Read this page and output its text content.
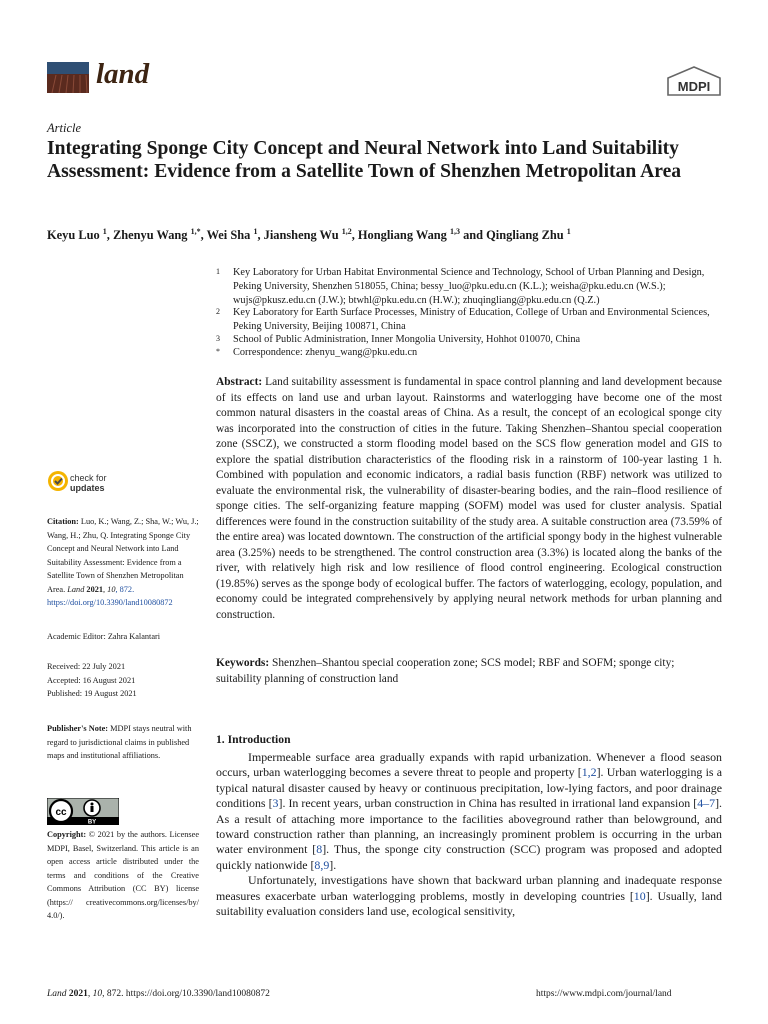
land	MDPI
Article
Integrating Sponge City Concept and Neural Network into Land Suitability Assessment: Evidence from a Satellite Town of Shenzhen Metropolitan Area
Keyu Luo $^1$, Zhenyu Wang $^{1,*}$, Wei Sha $^1$, Jiansheng Wu $^{1,2}$, Hongliang Wang $^{1,3}$ and Qingliang Zhu $^1$
1 Key Laboratory for Urban Habitat Environmental Science and Technology, School of Urban Planning and Design, Peking University, Shenzhen 518055, China; bessy_luo@pku.edu.cn (K.L.); weisha@pku.edu.cn (W.S.); wujs@pkusz.edu.cn (J.W.); btwhl@pku.edu.cn (H.W.); zhuqingliang@pku.edu.cn (Q.Z.)
2 Key Laboratory for Earth Surface Processes, Ministry of Education, College of Urban and Environmental Sciences, Peking University, Beijing 100871, China
3 School of Public Administration, Inner Mongolia University, Hohhot 010070, China
* Correspondence: zhenyu_wang@pku.edu.cn
Abstract: Land suitability assessment is fundamental in space control planning and land development because of its effects on land use and urban layout. Rainstorms and waterlogging have become one of the most common natural disasters in the coastal areas of China. As a result, the concept of an ecological sponge city was incorporated into the construction of cities in the future. Taking Shenzhen–Shantou special cooperation zone (SSCZ), we constructed a storm flooding model based on the SCS flow generation model and GIS to explore the spatial distribution characteristics of the flooding risk in a rainstorm of 100-year lasting 1 h. Combined with population and economic indicators, a radial basis function (RBF) network was utilized to evaluate the environmental risk, the vulnerability of disaster-bearing bodies, and the rain–flood resilience of sponge cities. The self-organizing feature mapping (SOFM) model was used for cluster analysis. Spatial differences were found in the construction suitability of the study area. A suitable construction area (73.59% of the entire area) was located downtown. The construction of the artificial spongy body in the highest vulnerable area (3.25%) needs to be strengthened. The control construction area (3.3%) is located along the banks of the river, with relatively high risk and low resilience of flood control engineering. Ecological construction (19.85%) serves as the sponge body of ecological buffer. The factors of waterlogging, ecology, population, and economy could be integrated comprehensively by applying neural network methods for urban planning and construction.
Keywords: Shenzhen–Shantou special cooperation zone; SCS model; RBF and SOFM; sponge city; suitability planning of construction land
1. Introduction

Impermeable surface area gradually expands with rapid urbanization. Whenever a flood season occurs, urban waterlogging becomes a severe threat to people and property [1,2]. Urban waterlogging is a typical natural disaster caused by heavy or continuous precipitation, low-lying factors, and poor drainage conditions [3]. In recent years, urban construction in China has resulted in irrational land expansion [4–7]. As a result of attaching more importance to the facilities aboveground rather than belowground, and toward construction rather than planning, an increasingly prominent problem is occurring in the urban water environment [8]. Thus, the sponge city construction (SCC) program was proposed and adopted quickly nationwide [8,9].

Unfortunately, investigations have shown that backward urban planning and inadequate response measures exacerbate urban waterlogging problems, mostly in developing countries [10]. Usually, land suitability evaluation considers land use, ecological sensitivity,

check for
updates
Citation: Luo, K.; Wang, Z.; Sha, W.; Wu, J.; Wang, H.; Zhu, Q. Integrating Sponge City Concept and Neural Network into Land Suitability Assessment: Evidence from a Satellite Town of Shenzhen Metropolitan Area. Land 2021, 10, 872. https://doi.org/10.3390/land10080872
Academic Editor: Zahra Kalantari
Received: 22 July 2021
Accepted: 16 August 2021
Published: 19 August 2021
Publisher's Note: MDPI stays neutral with regard to jurisdictional claims in published maps and institutional affiliations.
cc
BY
Copyright: © 2021 by the authors. Licensee MDPI, Basel, Switzerland. This article is an open access article distributed under the terms and conditions of the Creative Commons Attribution (CC BY) license (https:// creativecommons.org/licenses/by/ 4.0/).
Land 2021, 10, 872. https://doi.org/10.3390/land10080872	https://www.mdpi.com/journal/land
